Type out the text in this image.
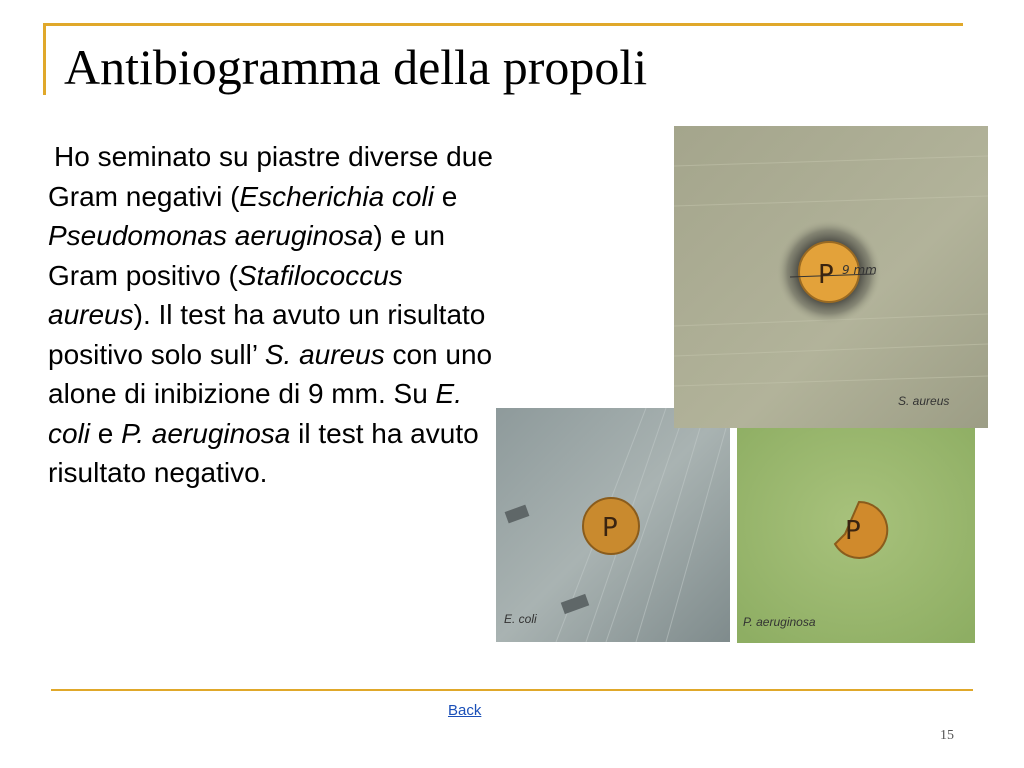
Antibiogramma della propoli
Ho seminato su piastre diverse due Gram negativi (Escherichia coli e Pseudomonas aeruginosa) e un Gram positivo (Stafilococcus aureus). Il test ha avuto un risultato positivo solo sull’ S. aureus con uno alone di inibizione di 9 mm. Su E. coli e P. aeruginosa il test ha avuto risultato negativo.
P
E. coli
P
P. aeruginosa
P 9 mm
S. aureus
Back
15
